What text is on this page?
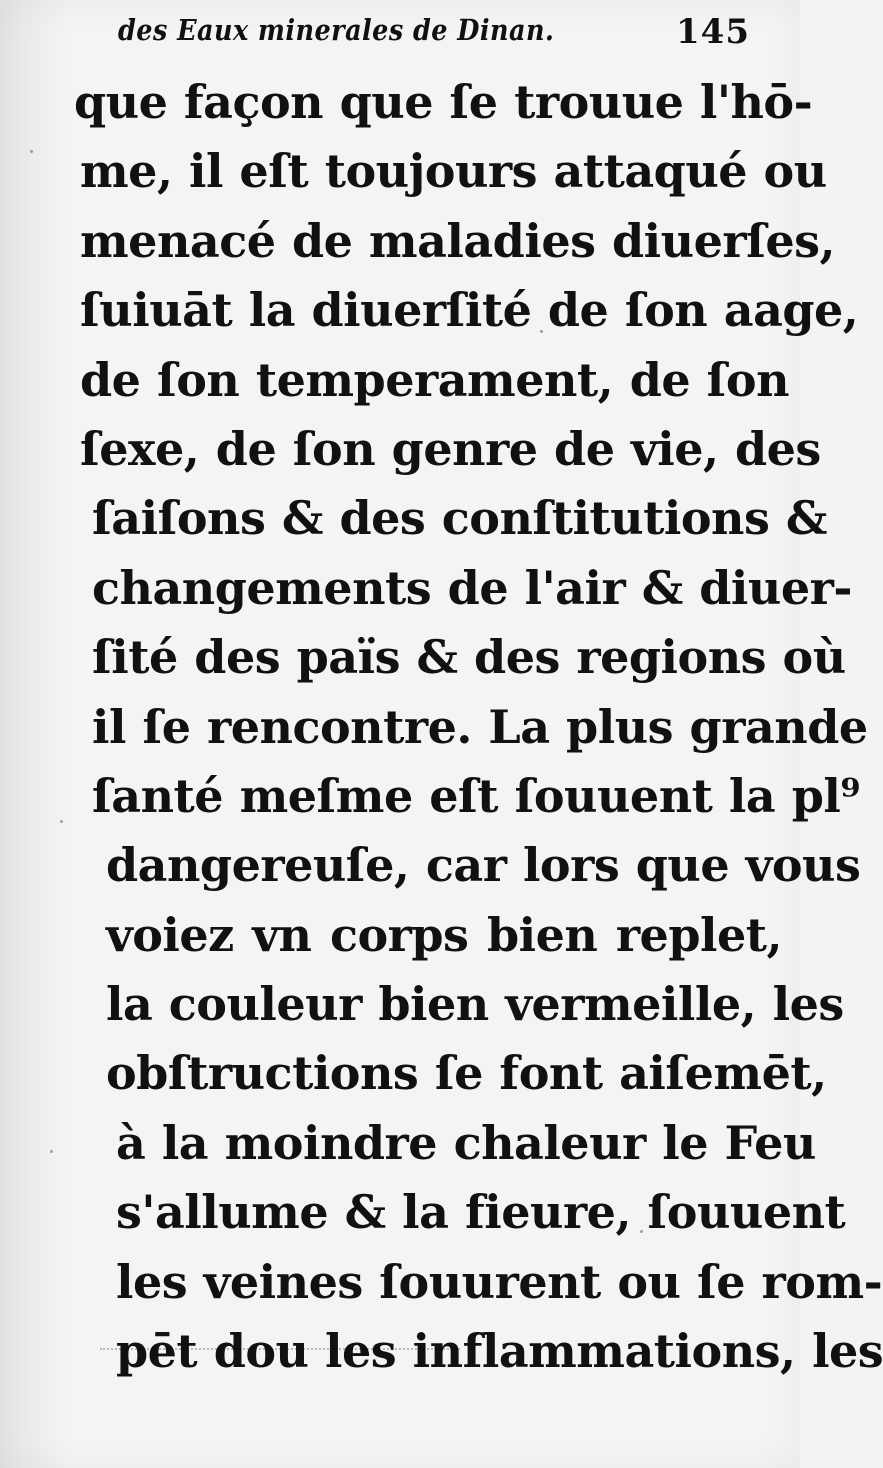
des Eaux minerales de Dinan.	145
que façon que ſe trouue l'hō-
me, il eſt toujours attaqué ou
menacé de maladies diuerſes,
ſuiuāt la diuerſité de ſon aage,
de ſon temperament, de ſon
ſexe, de ſon genre de vie, des
ſaiſons & des conſtitutions &
changements de l'air & diuer-
ſité des païs & des regions où
il ſe rencontre. La plus grande
ſanté meſme eſt ſouuent la pl⁹
dangereuſe, car lors que vous
voiez vn corps bien replet,
la couleur bien vermeille, les
obſtructions ſe font aiſemēt,
à la moindre chaleur le Feu
s'allume & la fieure, ſouuent
les veines ſouurent ou ſe rom-
pēt dou les inflammations, les
